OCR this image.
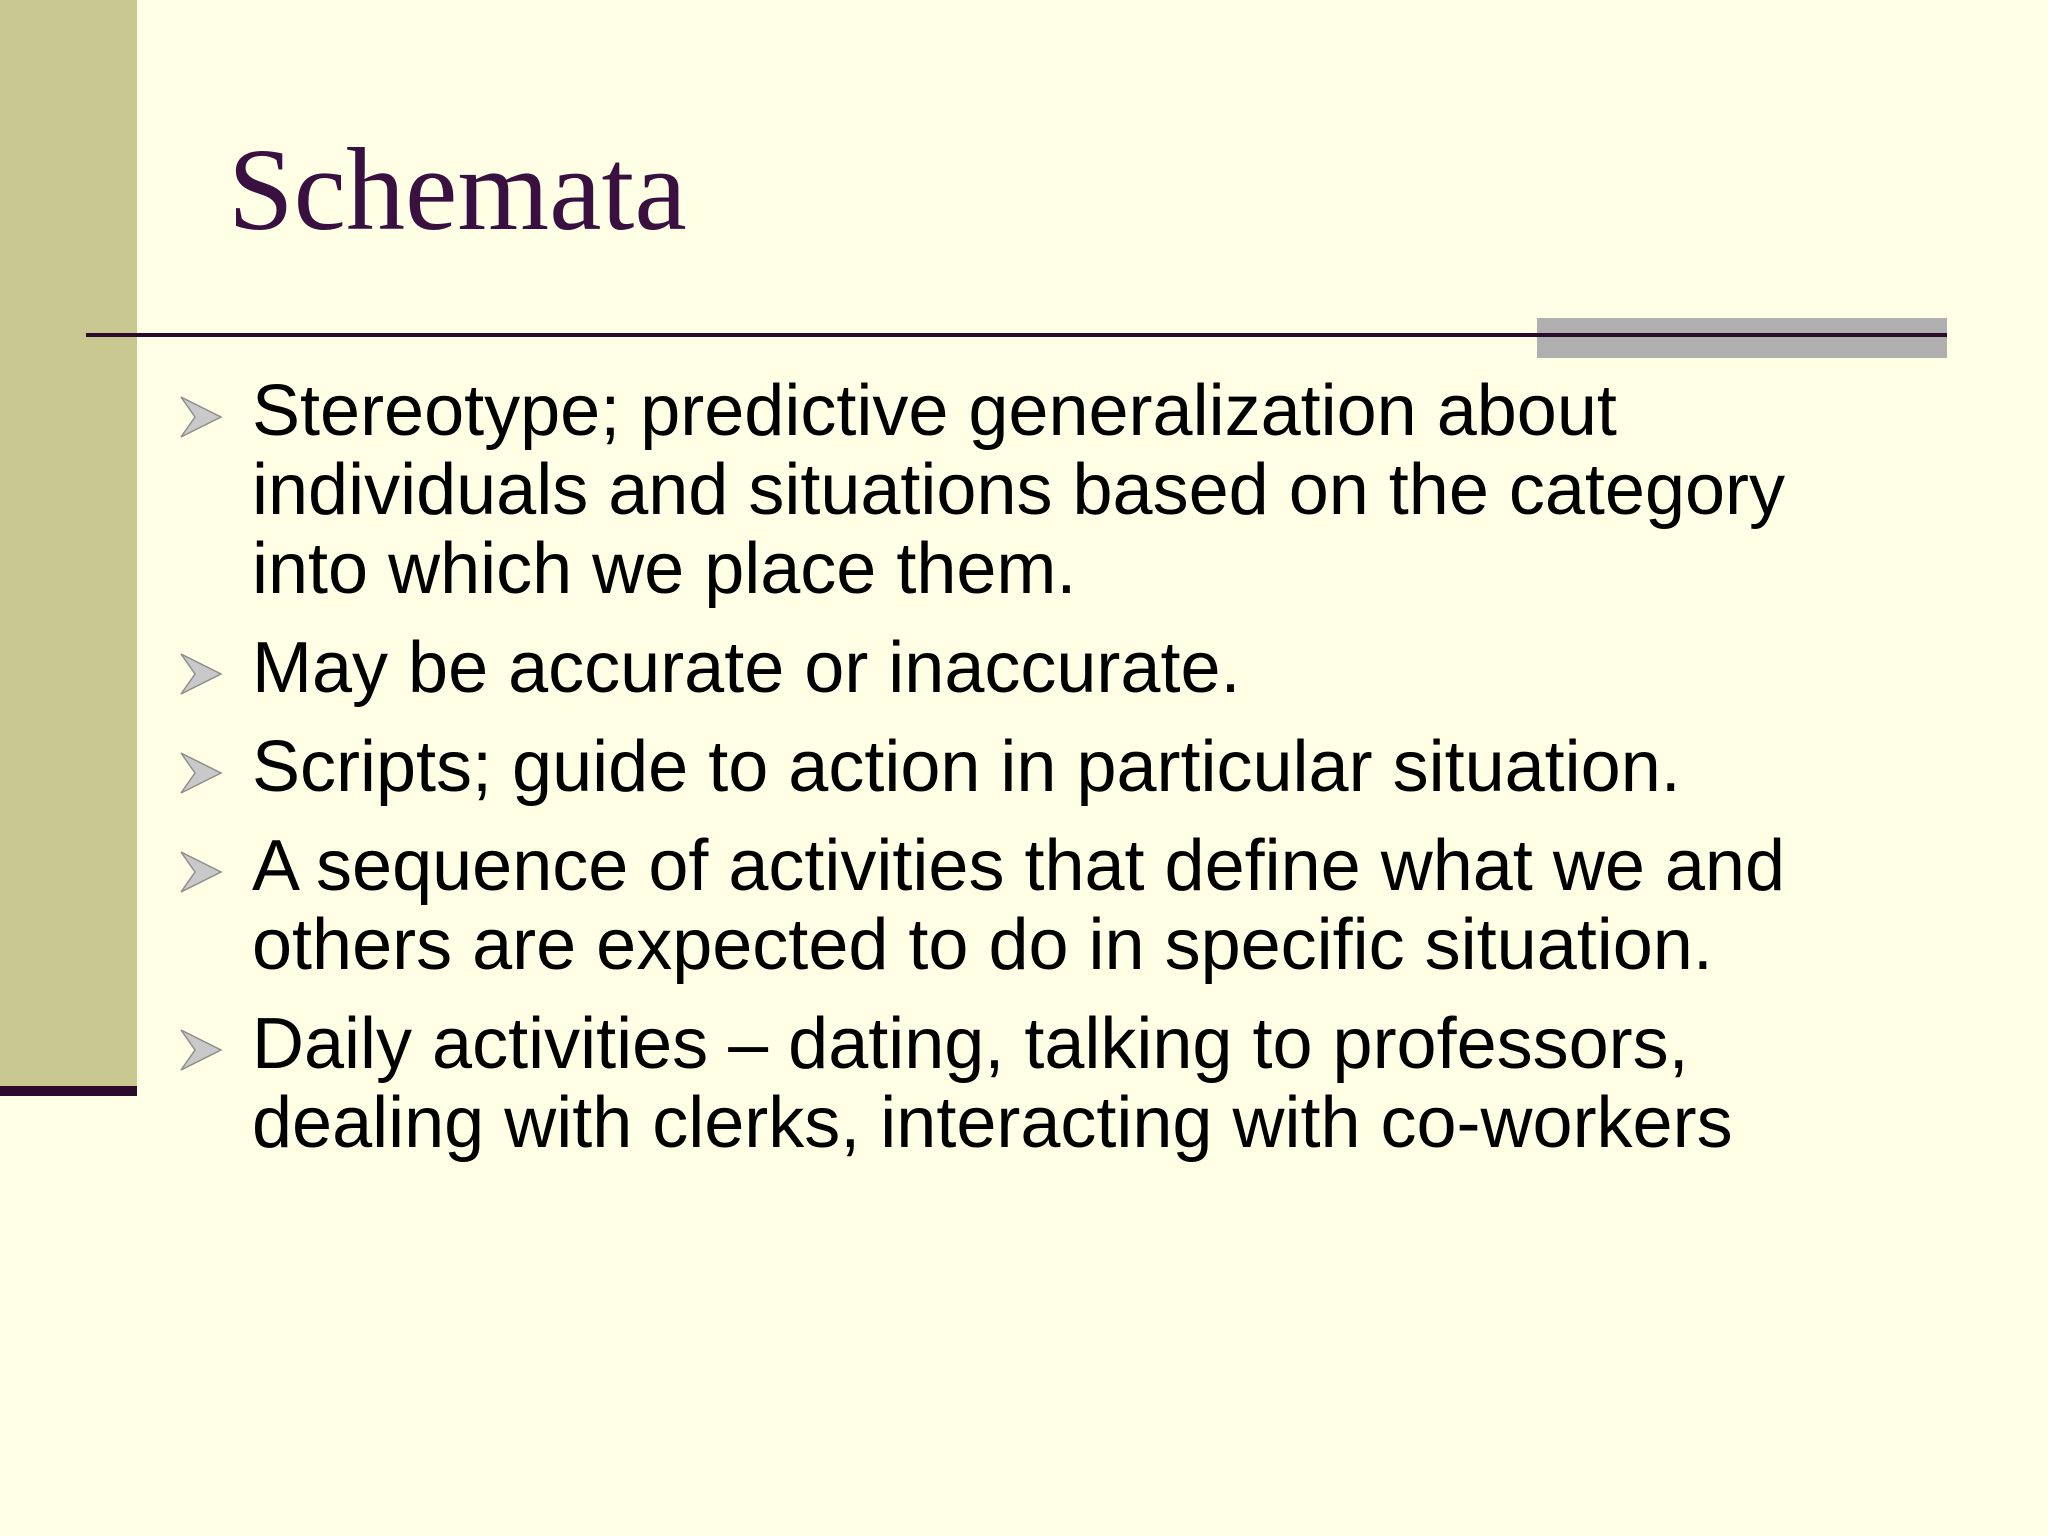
Schemata
Stereotype; predictive generalization about
individuals and situations based on the category
into which we place them.
May be accurate or inaccurate.
Scripts; guide to action in particular situation.
A sequence of activities that define what we and
others are expected to do in specific situation.
Daily activities – dating, talking to professors,
dealing with clerks, interacting with co-workers
